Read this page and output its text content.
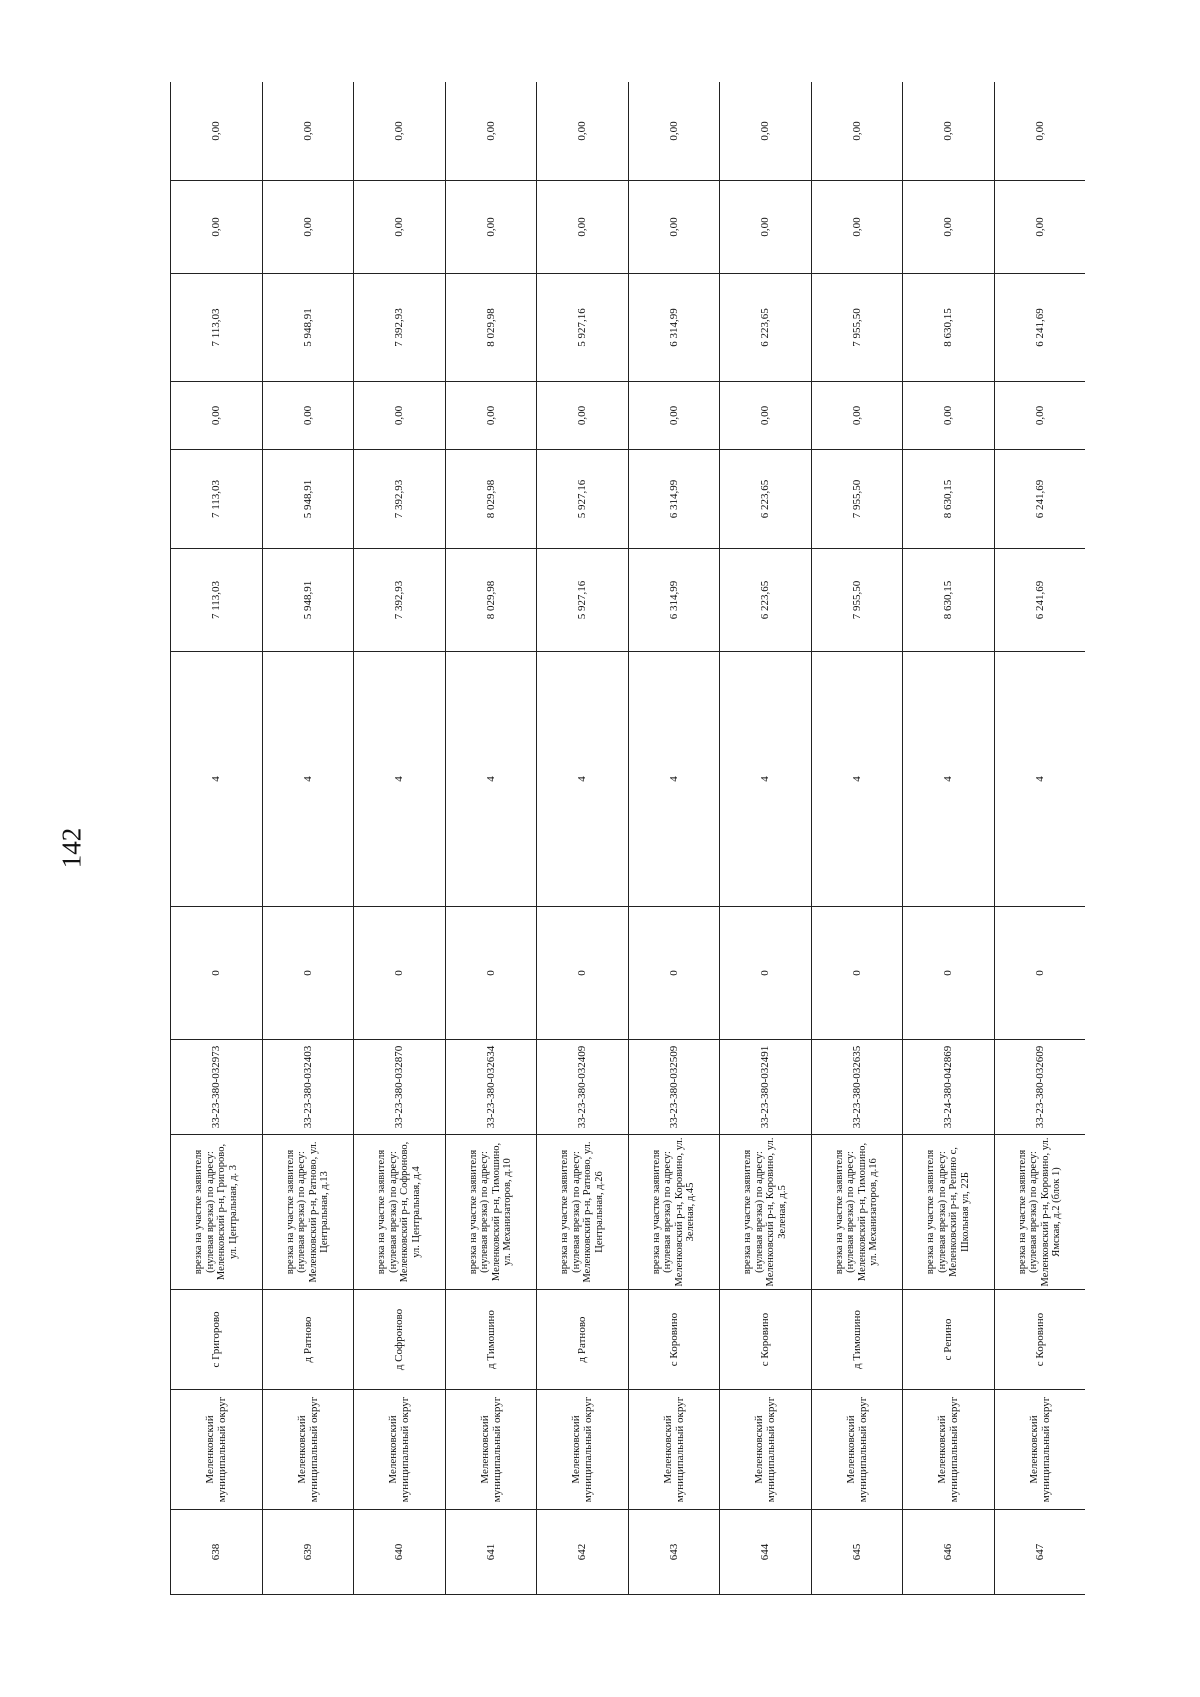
142
638	Меленковский муниципальный округ	с Григорово	врезка на участке заявителя (нулевая врезка) по адресу: Меленковский р-н, Григорово, ул. Центральная, д. 3	33-23-380-032973	0	4	7 113,03	7 113,03	0,00	7 113,03	0,00	0,00
639	Меленковский муниципальный округ	д Ратново	врезка на участке заявителя (нулевая врезка) по адресу: Меленковский р-н, Ратново, ул. Центральная, д.13	33-23-380-032403	0	4	5 948,91	5 948,91	0,00	5 948,91	0,00	0,00
640	Меленковский муниципальный округ	д Софроново	врезка на участке заявителя (нулевая врезка) по адресу: Меленковский р-н, Софроново, ул. Центральная, д.4	33-23-380-032870	0	4	7 392,93	7 392,93	0,00	7 392,93	0,00	0,00
641	Меленковский муниципальный округ	д Тимошино	врезка на участке заявителя (нулевая врезка) по адресу: Меленковский р-н, Тимошино, ул. Механизаторов, д.10	33-23-380-032634	0	4	8 029,98	8 029,98	0,00	8 029,98	0,00	0,00
642	Меленковский муниципальный округ	д Ратново	врезка на участке заявителя (нулевая врезка) по адресу: Меленковский р-н, Ратново, ул. Центральная, д.26	33-23-380-032409	0	4	5 927,16	5 927,16	0,00	5 927,16	0,00	0,00
643	Меленковский муниципальный округ	с Коровино	врезка на участке заявителя (нулевая врезка) по адресу: Меленковский р-н, Коровино, ул. Зеленая, д.45	33-23-380-032509	0	4	6 314,99	6 314,99	0,00	6 314,99	0,00	0,00
644	Меленковский муниципальный округ	с Коровино	врезка на участке заявителя (нулевая врезка) по адресу: Меленковский р-н, Коровино, ул. Зеленая, д.5	33-23-380-032491	0	4	6 223,65	6 223,65	0,00	6 223,65	0,00	0,00
645	Меленковский муниципальный округ	д Тимошино	врезка на участке заявителя (нулевая врезка) по адресу: Меленковский р-н, Тимошино, ул. Механизаторов, д.16	33-23-380-032635	0	4	7 955,50	7 955,50	0,00	7 955,50	0,00	0,00
646	Меленковский муниципальный округ	с Репино	врезка на участке заявителя (нулевая врезка) по адресу: Меленковский р-н, Репино с, Школьная ул, 22Б	33-24-380-042869	0	4	8 630,15	8 630,15	0,00	8 630,15	0,00	0,00
647	Меленковский муниципальный округ	с Коровино	врезка на участке заявителя (нулевая врезка) по адресу: Меленковский р-н, Коровино, ул. Ямская, д.2 (блок 1)	33-23-380-032609	0	4	6 241,69	6 241,69	0,00	6 241,69	0,00	0,00
